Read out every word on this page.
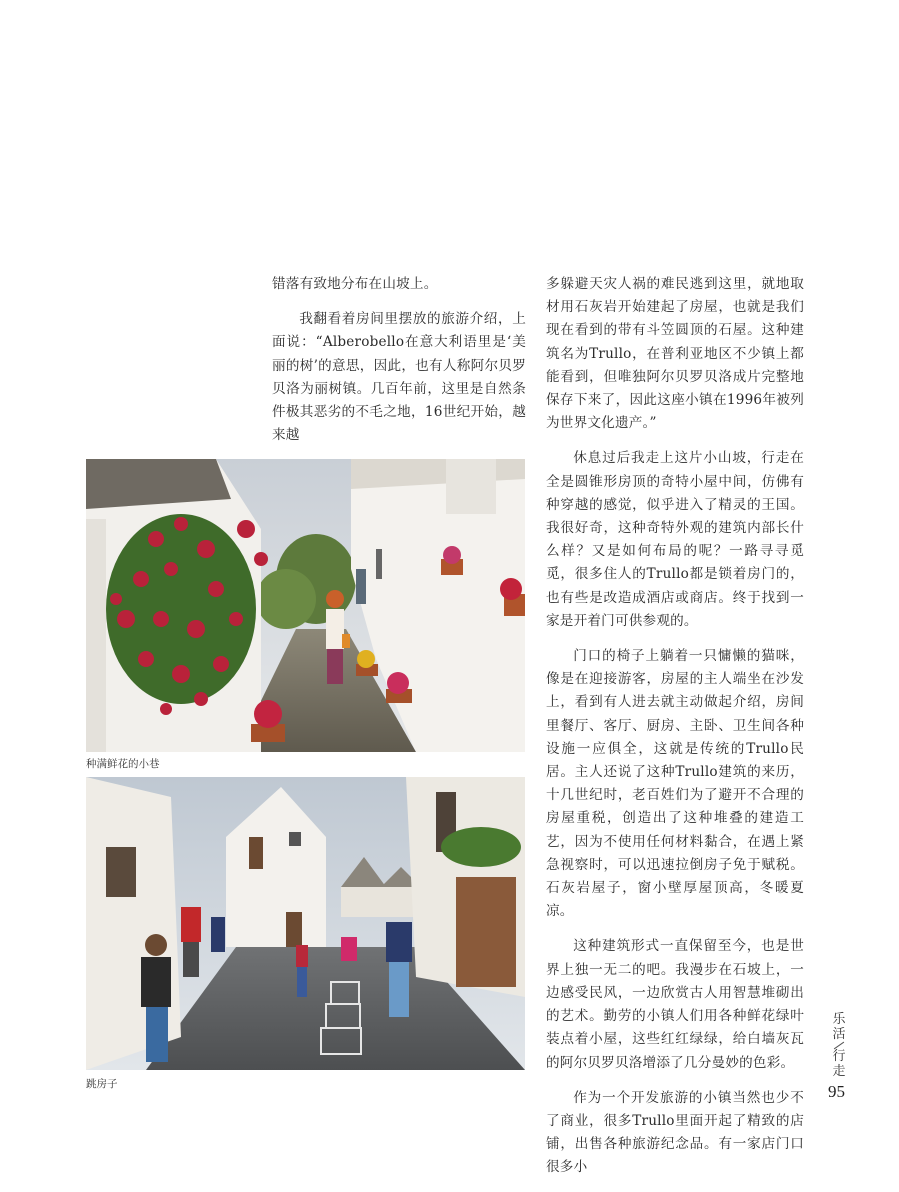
错落有致地分布在山坡上。

我翻看着房间里摆放的旅游介绍，上面说：“Alberobello在意大利语里是‘美丽的树’的意思，因此，也有人称阿尔贝罗贝洛为丽树镇。几百年前，这里是自然条件极其恶劣的不毛之地，16世纪开始，越来越

多躲避天灾人祸的难民逃到这里，就地取材用石灰岩开始建起了房屋，也就是我们现在看到的带有斗笠圆顶的石屋。这种建筑名为Trullo，在普利亚地区不少镇上都能看到，但唯独阿尔贝罗贝洛成片完整地保存下来了，因此这座小镇在1996年被列为世界文化遗产。”

休息过后我走上这片小山坡，行走在全是圆锥形房顶的奇特小屋中间，仿佛有种穿越的感觉，似乎进入了精灵的王国。我很好奇，这种奇特外观的建筑内部长什么样？又是如何布局的呢？一路寻寻觅觅，很多住人的Trullo都是锁着房门的，也有些是改造成酒店或商店。终于找到一家是开着门可供参观的。

门口的椅子上躺着一只慵懒的猫咪，像是在迎接游客，房屋的主人端坐在沙发上，看到有人进去就主动做起介绍，房间里餐厅、客厅、厨房、主卧、卫生间各种设施一应俱全，这就是传统的Trullo民居。主人还说了这种Trullo建筑的来历，十几世纪时，老百姓们为了避开不合理的房屋重税，创造出了这种堆叠的建造工艺，因为不使用任何材料黏合，在遇上紧急视察时，可以迅速拉倒房子免于赋税。石灰岩屋子，窗小壁厚屋顶高，冬暖夏凉。

这种建筑形式一直保留至今，也是世界上独一无二的吧。我漫步在石坡上，一边感受民风，一边欣赏古人用智慧堆砌出的艺术。勤劳的小镇人们用各种鲜花绿叶装点着小屋，这些红红绿绿，给白墙灰瓦的阿尔贝罗贝洛增添了几分曼妙的色彩。

作为一个开发旅游的小镇当然也少不了商业，很多Trullo里面开起了精致的店铺，出售各种旅游纪念品。有一家店门口很多小

种满鲜花的小巷
跳房子
乐活
行走
95
